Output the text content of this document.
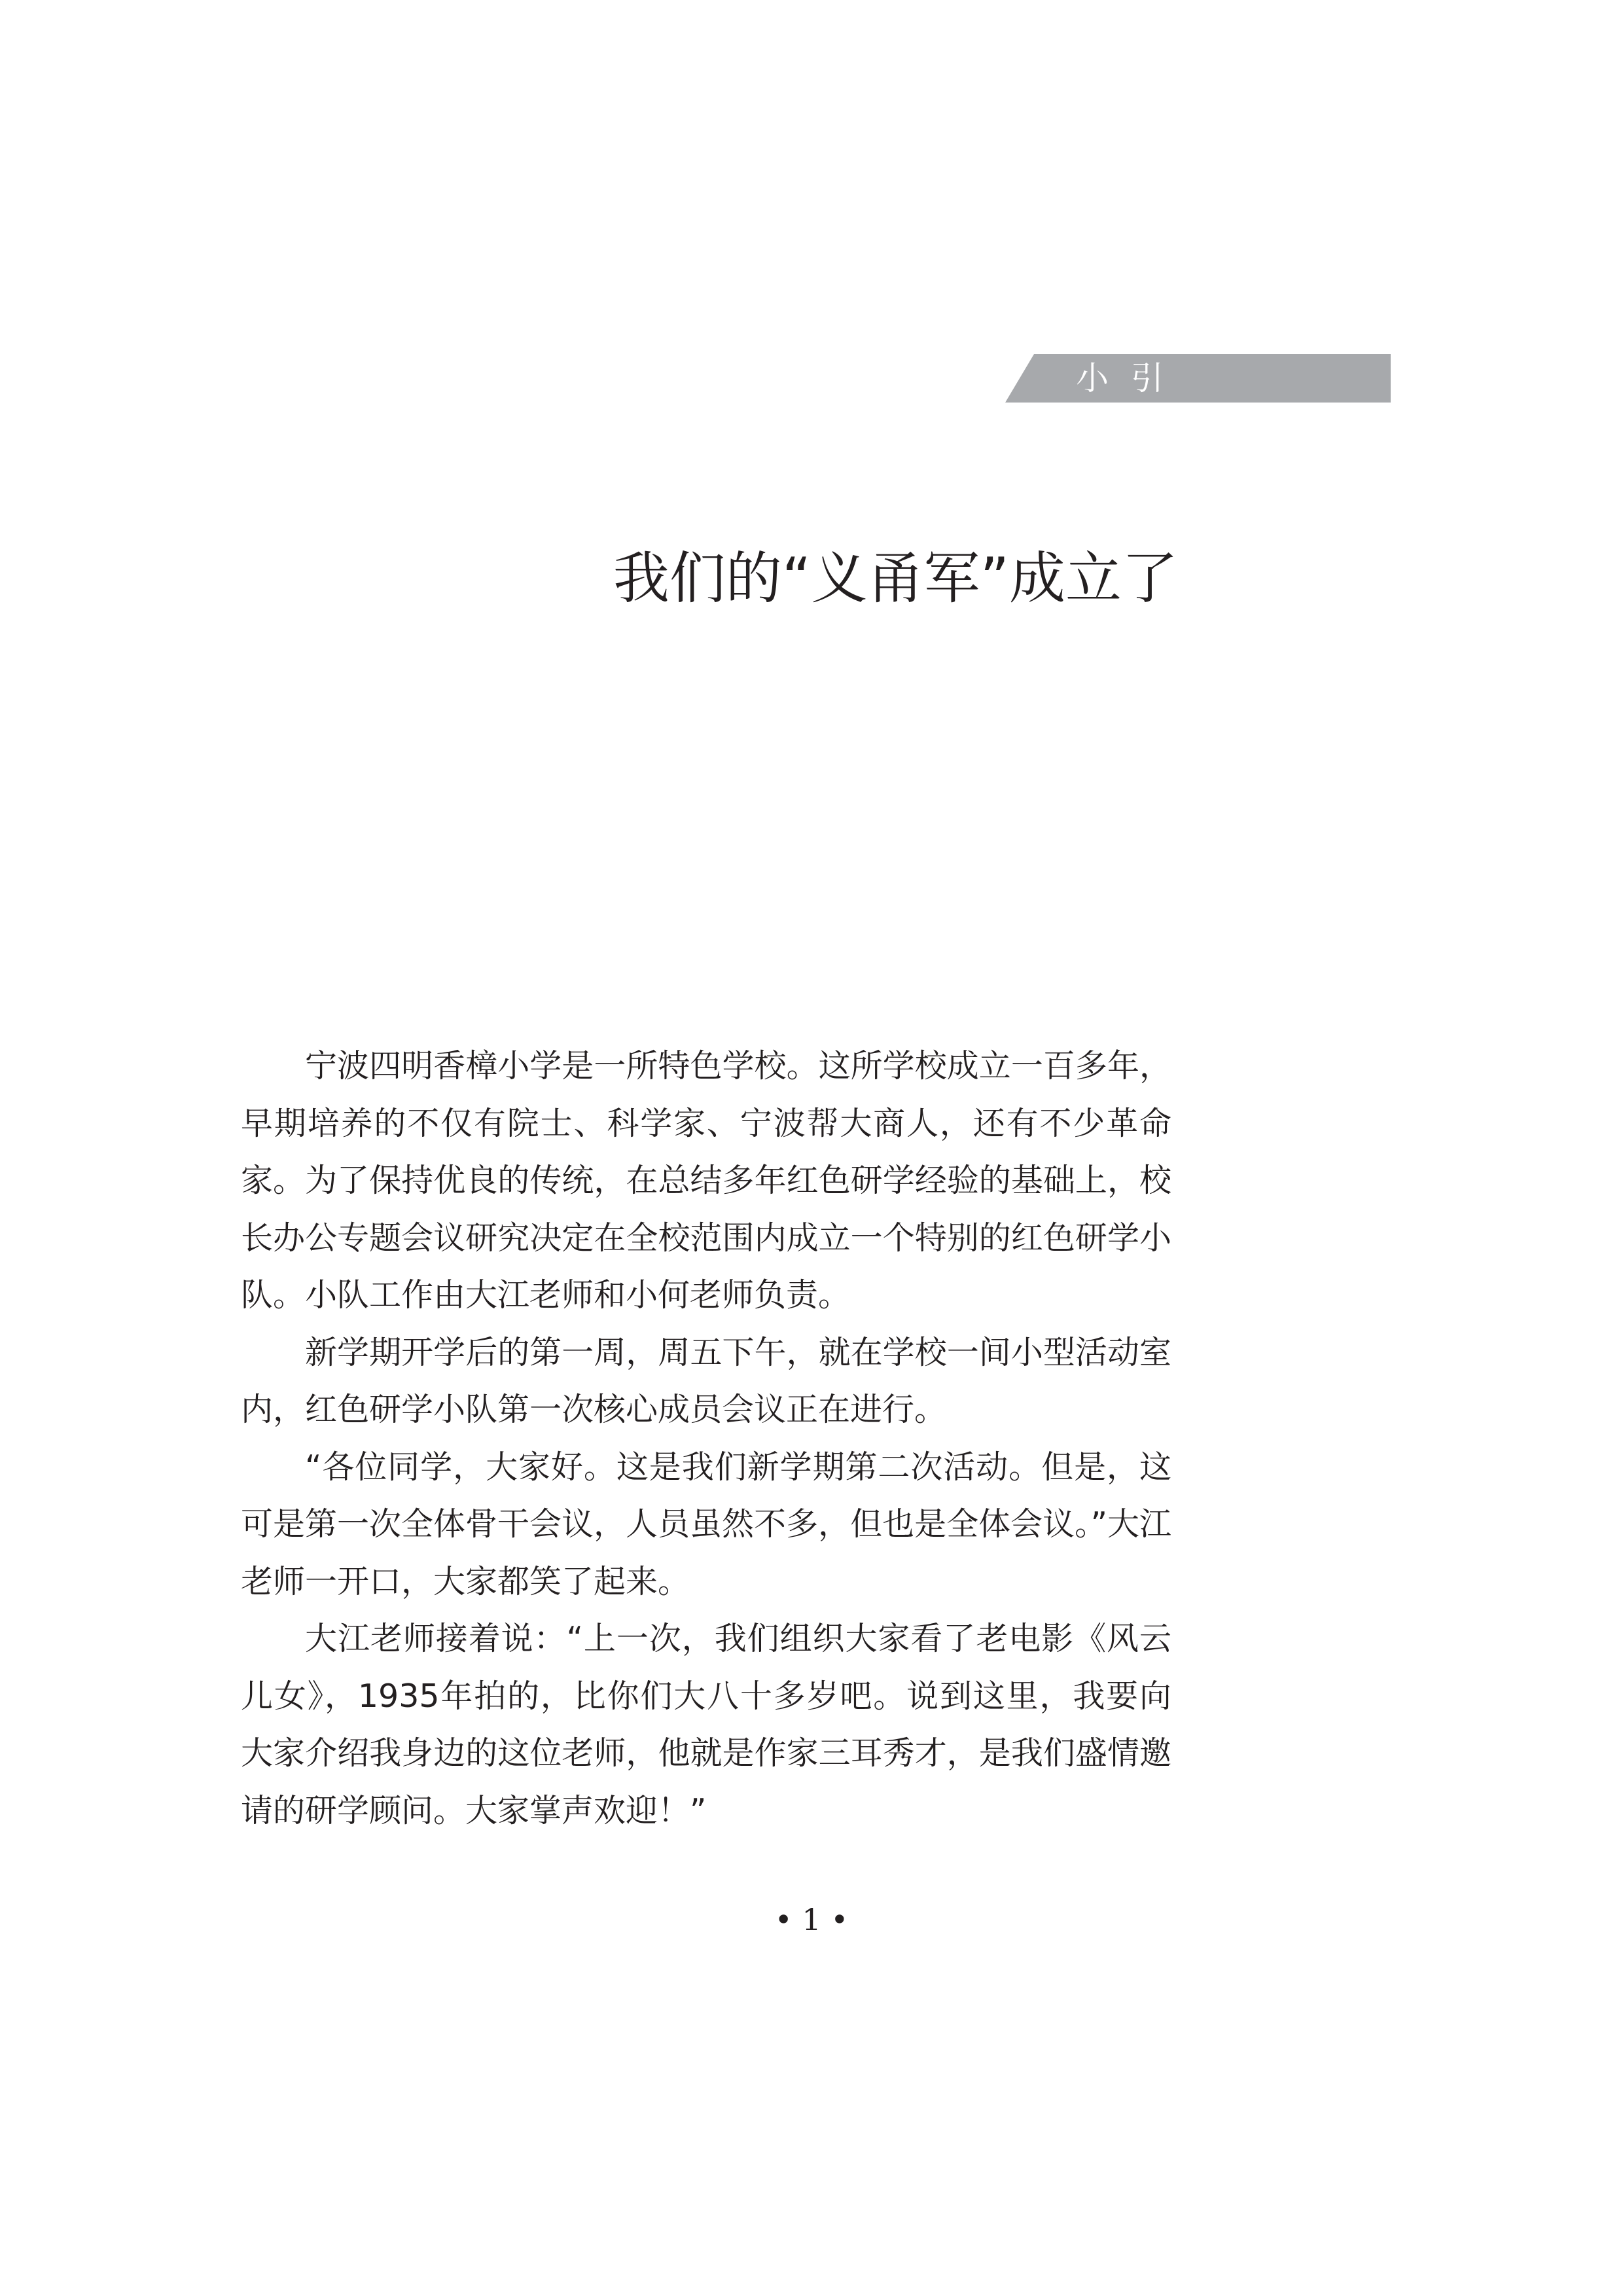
小引
我们的“义甬军”成立了

宁波四明香樟小学是一所特色学校。这所学校成立一百多年，早期培养的不仅有院士、科学家、宁波帮大商人，还有不少革命家。为了保持优良的传统，在总结多年红色研学经验的基础上，校长办公专题会议研究决定在全校范围内成立一个特别的红色研学小队。小队工作由大江老师和小何老师负责。

新学期开学后的第一周，周五下午，就在学校一间小型活动室内，红色研学小队第一次核心成员会议正在进行。

“各位同学，大家好。这是我们新学期第二次活动。但是，这可是第一次全体骨干会议，人员虽然不多，但也是全体会议。”大江老师一开口，大家都笑了起来。

大江老师接着说：“上一次，我们组织大家看了老电影《风云儿女》，1935年拍的，比你们大八十多岁吧。说到这里，我要向大家介绍我身边的这位老师，他就是作家三耳秀才，是我们盛情邀请的研学顾问。大家掌声欢迎！”

• 1 •
